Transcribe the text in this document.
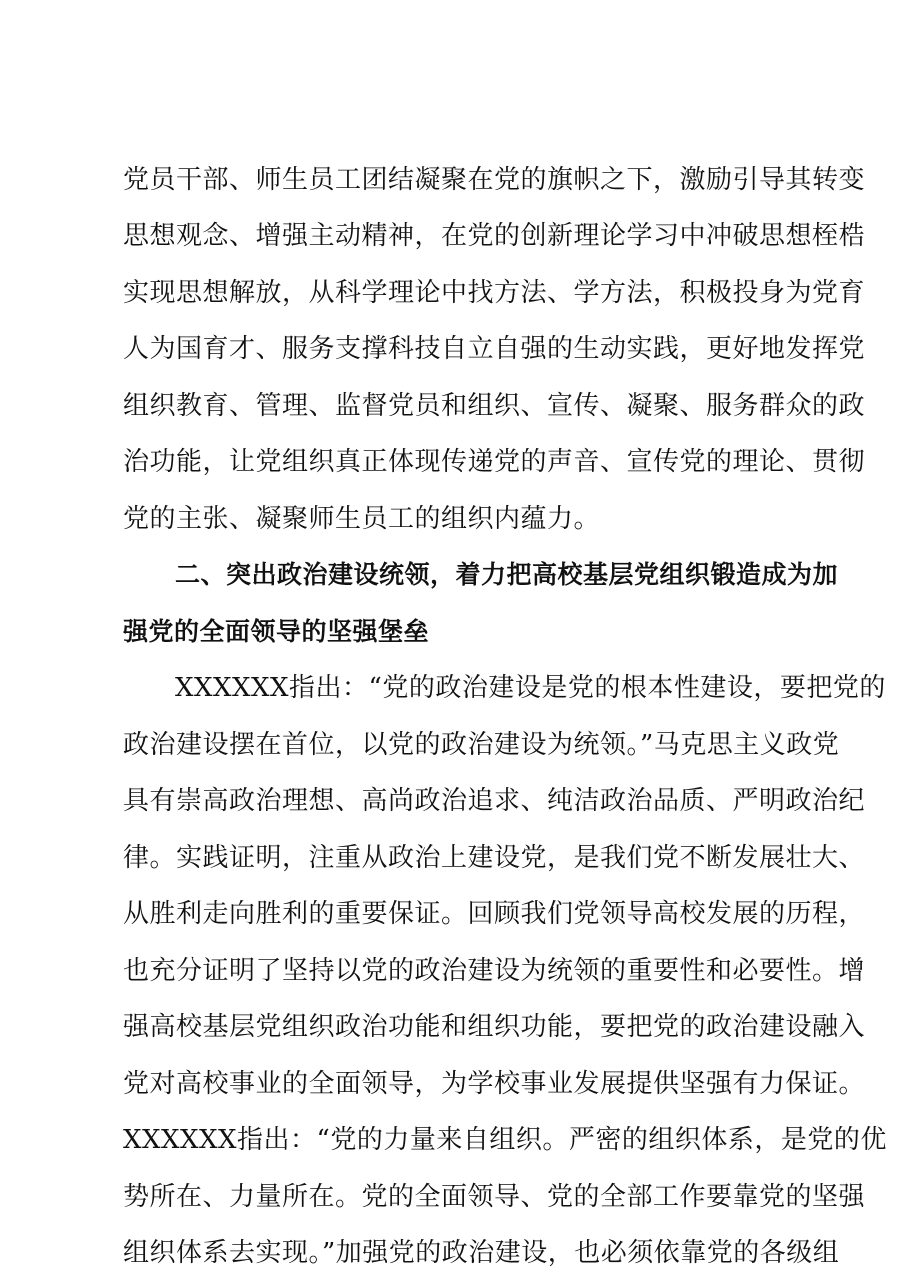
党员干部、师生员工团结凝聚在党的旗帜之下，激励引导其转变
思想观念、增强主动精神，在党的创新理论学习中冲破思想桎梏
实现思想解放，从科学理论中找方法、学方法，积极投身为党育
人为国育才、服务支撑科技自立自强的生动实践，更好地发挥党
组织教育、管理、监督党员和组织、宣传、凝聚、服务群众的政
治功能，让党组织真正体现传递党的声音、宣传党的理论、贯彻
党的主张、凝聚师生员工的组织内蕴力。
二、突出政治建设统领，着力把高校基层党组织锻造成为加
强党的全面领导的坚强堡垒
XXXXXX指出：“党的政治建设是党的根本性建设，要把党的
政治建设摆在首位，以党的政治建设为统领。”马克思主义政党
具有崇高政治理想、高尚政治追求、纯洁政治品质、严明政治纪
律。实践证明，注重从政治上建设党，是我们党不断发展壮大、
从胜利走向胜利的重要保证。回顾我们党领导高校发展的历程，
也充分证明了坚持以党的政治建设为统领的重要性和必要性。增
强高校基层党组织政治功能和组织功能，要把党的政治建设融入
党对高校事业的全面领导，为学校事业发展提供坚强有力保证。
XXXXXX指出：“党的力量来自组织。严密的组织体系，是党的优
势所在、力量所在。党的全面领导、党的全部工作要靠党的坚强
组织体系去实现。”加强党的政治建设，也必须依靠党的各级组
